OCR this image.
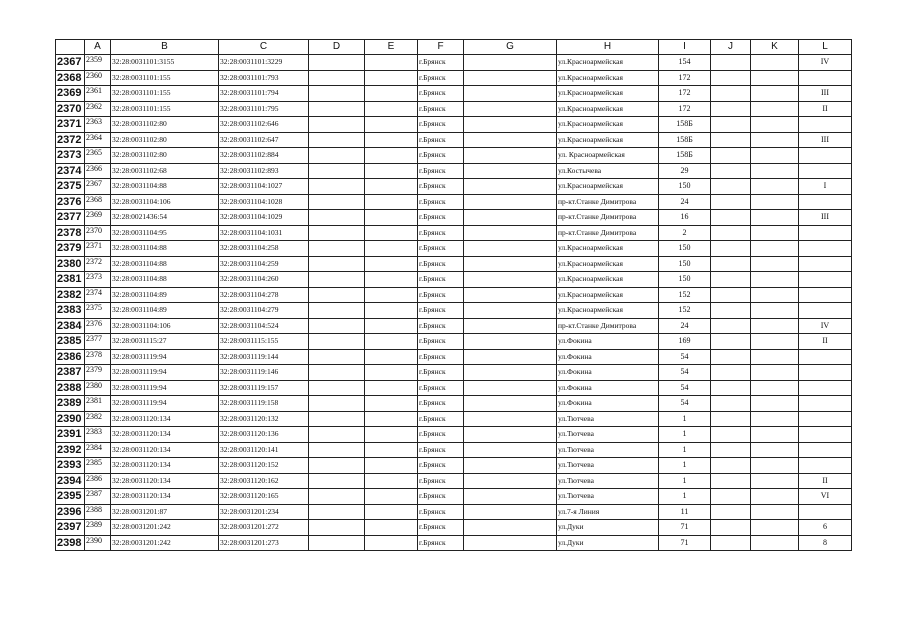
	A	B	C	D	E	F	G	H	I	J	K	L
2367	2359	32:28:0031101:3155	32:28:0031101:3229			г.Брянск		ул.Красноармейская	154			IV
2368	2360	32:28:0031101:155	32:28:0031101:793			г.Брянск		ул.Красноармейская	172			
2369	2361	32:28:0031101:155	32:28:0031101:794			г.Брянск		ул.Красноармейская	172			III
2370	2362	32:28:0031101:155	32:28:0031101:795			г.Брянск		ул.Красноармейская	172			II
2371	2363	32:28:0031102:80	32:28:0031102:646			г.Брянск		ул.Красноармейская	158Б			
2372	2364	32:28:0031102:80	32:28:0031102:647			г.Брянск		ул.Красноармейская	158Б			III
2373	2365	32:28:0031102:80	32:28:0031102:884			г.Брянск		ул. Красноармейская	158Б			
2374	2366	32:28:0031102:68	32:28:0031102:893			г.Брянск		ул.Костычева	29			
2375	2367	32:28:0031104:88	32:28:0031104:1027			г.Брянск		ул.Красноармейская	150			I
2376	2368	32:28:0031104:106	32:28:0031104:1028			г.Брянск		пр-кт.Станке Димитрова	24			
2377	2369	32:28:0021436:54	32:28:0031104:1029			г.Брянск		пр-кт.Станке Димитрова	16			III
2378	2370	32:28:0031104:95	32:28:0031104:1031			г.Брянск		пр-кт.Станке Димитрова	2			
2379	2371	32:28:0031104:88	32:28:0031104:258			г.Брянск		ул.Красноармейская	150			
2380	2372	32:28:0031104:88	32:28:0031104:259			г.Брянск		ул.Красноармейская	150			
2381	2373	32:28:0031104:88	32:28:0031104:260			г.Брянск		ул.Красноармейская	150			
2382	2374	32:28:0031104:89	32:28:0031104:278			г.Брянск		ул.Красноармейская	152			
2383	2375	32:28:0031104:89	32:28:0031104:279			г.Брянск		ул.Красноармейская	152			
2384	2376	32:28:0031104:106	32:28:0031104:524			г.Брянск		пр-кт.Станке Димитрова	24			IV
2385	2377	32:28:0031115:27	32:28:0031115:155			г.Брянск		ул.Фокина	169			II
2386	2378	32:28:0031119:94	32:28:0031119:144			г.Брянск		ул.Фокина	54			
2387	2379	32:28:0031119:94	32:28:0031119:146			г.Брянск		ул.Фокина	54			
2388	2380	32:28:0031119:94	32:28:0031119:157			г.Брянск		ул.Фокина	54			
2389	2381	32:28:0031119:94	32:28:0031119:158			г.Брянск		ул.Фокина	54			
2390	2382	32:28:0031120:134	32:28:0031120:132			г.Брянск		ул.Тютчева	1			
2391	2383	32:28:0031120:134	32:28:0031120:136			г.Брянск		ул.Тютчева	1			
2392	2384	32:28:0031120:134	32:28:0031120:141			г.Брянск		ул.Тютчева	1			
2393	2385	32:28:0031120:134	32:28:0031120:152			г.Брянск		ул.Тютчева	1			
2394	2386	32:28:0031120:134	32:28:0031120:162			г.Брянск		ул.Тютчева	1			II
2395	2387	32:28:0031120:134	32:28:0031120:165			г.Брянск		ул.Тютчева	1			VI
2396	2388	32:28:0031201:87	32:28:0031201:234			г.Брянск		ул.7-я Линия	11			
2397	2389	32:28:0031201:242	32:28:0031201:272			г.Брянск		ул.Дуки	71			6
2398	2390	32:28:0031201:242	32:28:0031201:273			г.Брянск		ул.Дуки	71			8
